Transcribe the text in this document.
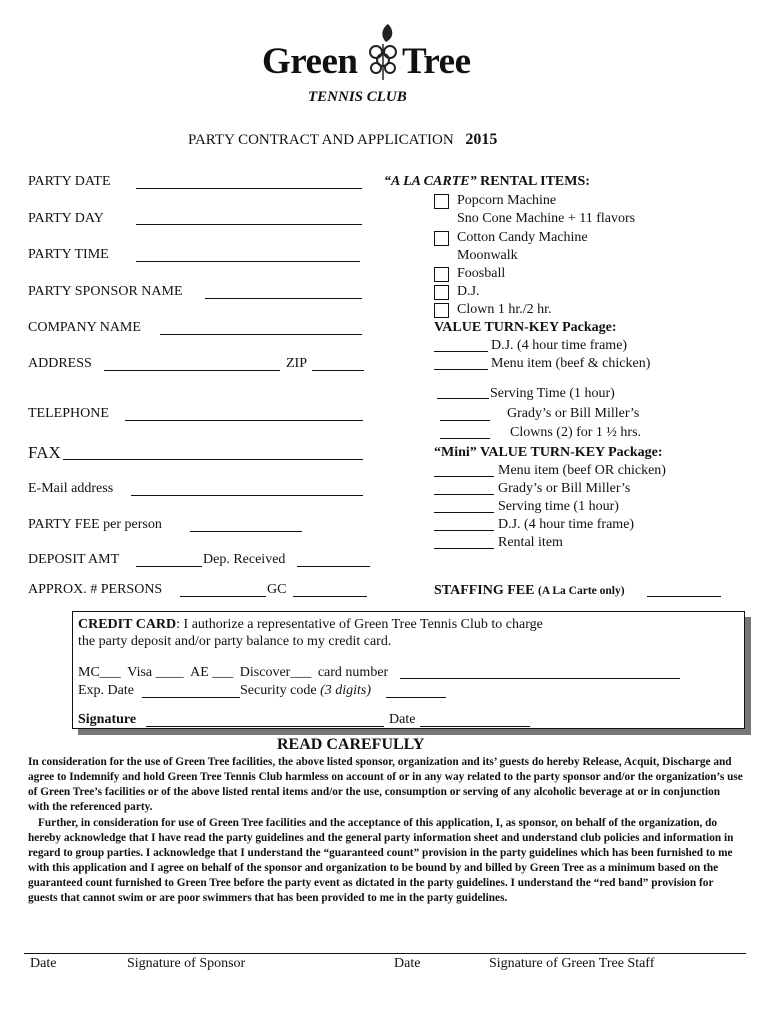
Green Tree
TENNIS CLUB
PARTY CONTRACT AND APPLICATION 2015
PARTY DATE
PARTY DAY
PARTY TIME
PARTY SPONSOR NAME
COMPANY NAME
ADDRESS	ZIP
TELEPHONE
FAX
E-Mail address
PARTY FEE per person
DEPOSIT AMT	Dep. Received
APPROX. # PERSONS	GC
“A LA CARTE” RENTAL ITEMS:
Popcorn Machine
Sno Cone Machine + 11 flavors
Cotton Candy Machine
Moonwalk
Foosball
D.J.
Clown 1 hr./2 hr.
VALUE TURN-KEY Package:
D.J. (4 hour time frame)
Menu item (beef & chicken)
Serving Time (1 hour)
Grady’s or Bill Miller’s
Clowns (2) for 1 ½ hrs.
“Mini” VALUE TURN-KEY Package:
Menu item (beef OR chicken)
Grady’s or Bill Miller’s
Serving time (1 hour)
D.J. (4 hour time frame)
Rental item
STAFFING FEE (A La Carte only)
CREDIT CARD: I authorize a representative of Green Tree Tennis Club to charge
the party deposit and/or party balance to my credit card.
MC___ Visa ____ AE ___ Discover___ card number
Exp. Date	Security code (3 digits)
Signature	Date
READ CAREFULLY
In consideration for the use of Green Tree facilities, the above listed sponsor, organization and its’ guests do hereby Release, Acquit, Discharge and agree to Indemnify and hold Green Tree Tennis Club harmless on account of or in any way related to the party sponsor and/or the organization’s use of Green Tree’s facilities or of the above listed rental items and/or the use, consumption or serving of any alcoholic beverage at or in conjunction with the referenced party.
Further, in consideration for use of Green Tree facilities and the acceptance of this application, I, as sponsor, on behalf of the organization, do hereby acknowledge that I have read the party guidelines and the general party information sheet and understand club policies and information in regard to group parties. I acknowledge that I understand the “guaranteed count” provision in the party guidelines which has been furnished to me with this application and I agree on behalf of the sponsor and organization to be bound by and billed by Green Tree as a minimum based on the guaranteed count furnished to Green Tree before the party event as dictated in the party guidelines. I understand the “red band” provision for guests that cannot swim or are poor swimmers that has been provided to me in the party guidelines.
Date	Signature of Sponsor	Date	Signature of Green Tree Staff
